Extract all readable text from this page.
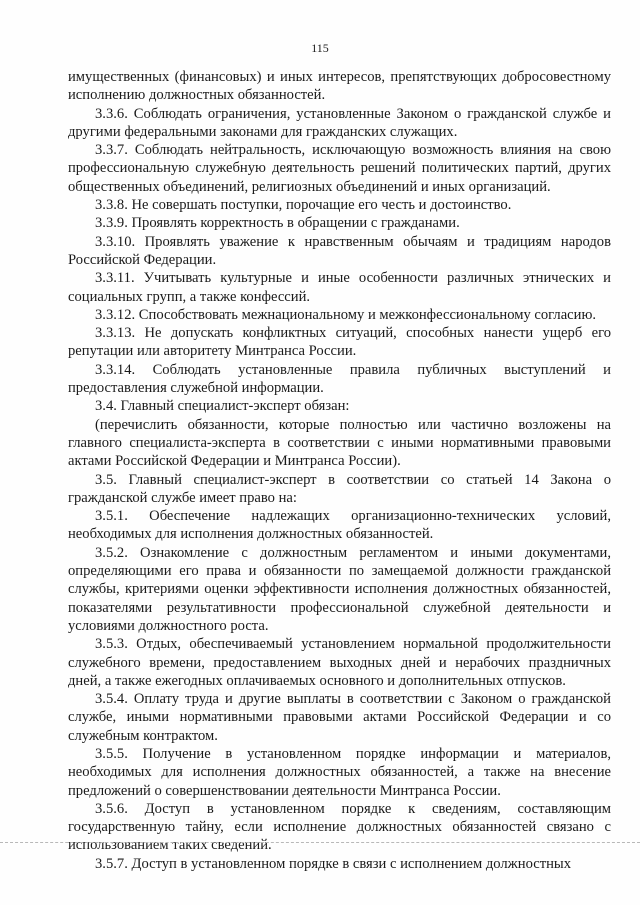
115

имущественных (финансовых) и иных интересов, препятствующих добросовестному исполнению должностных обязанностей.

3.3.6. Соблюдать ограничения, установленные Законом о гражданской службе и другими федеральными законами для гражданских служащих.

3.3.7. Соблюдать нейтральность, исключающую возможность влияния на свою профессиональную служебную деятельность решений политических партий, других общественных объединений, религиозных объединений и иных организаций.

3.3.8. Не совершать поступки, порочащие его честь и достоинство.

3.3.9. Проявлять корректность в обращении с гражданами.

3.3.10. Проявлять уважение к нравственным обычаям и традициям народов Российской Федерации.

3.3.11. Учитывать культурные и иные особенности различных этнических и социальных групп, а также конфессий.

3.3.12. Способствовать межнациональному и межконфессиональному согласию.

3.3.13. Не допускать конфликтных ситуаций, способных нанести ущерб его репутации или авторитету Минтранса России.

3.3.14. Соблюдать установленные правила публичных выступлений и предоставления служебной информации.

3.4. Главный специалист-эксперт обязан:

(перечислить обязанности, которые полностью или частично возложены на главного специалиста-эксперта в соответствии с иными нормативными правовыми актами Российской Федерации и Минтранса России).

3.5. Главный специалист-эксперт в соответствии со статьей 14 Закона о гражданской службе имеет право на:

3.5.1. Обеспечение надлежащих организационно-технических условий, необходимых для исполнения должностных обязанностей.

3.5.2. Ознакомление с должностным регламентом и иными документами, определяющими его права и обязанности по замещаемой должности гражданской службы, критериями оценки эффективности исполнения должностных обязанностей, показателями результативности профессиональной служебной деятельности и условиями должностного роста.

3.5.3. Отдых, обеспечиваемый установлением нормальной продолжительности служебного времени, предоставлением выходных дней и нерабочих праздничных дней, а также ежегодных оплачиваемых основного и дополнительных отпусков.

3.5.4. Оплату труда и другие выплаты в соответствии с Законом о гражданской службе, иными нормативными правовыми актами Российской Федерации и со служебным контрактом.

3.5.5. Получение в установленном порядке информации и материалов, необходимых для исполнения должностных обязанностей, а также на внесение предложений о совершенствовании деятельности Минтранса России.

3.5.6. Доступ в установленном порядке к сведениям, составляющим государственную тайну, если исполнение должностных обязанностей связано с использованием таких сведений.

3.5.7. Доступ в установленном порядке в связи с исполнением должностных
